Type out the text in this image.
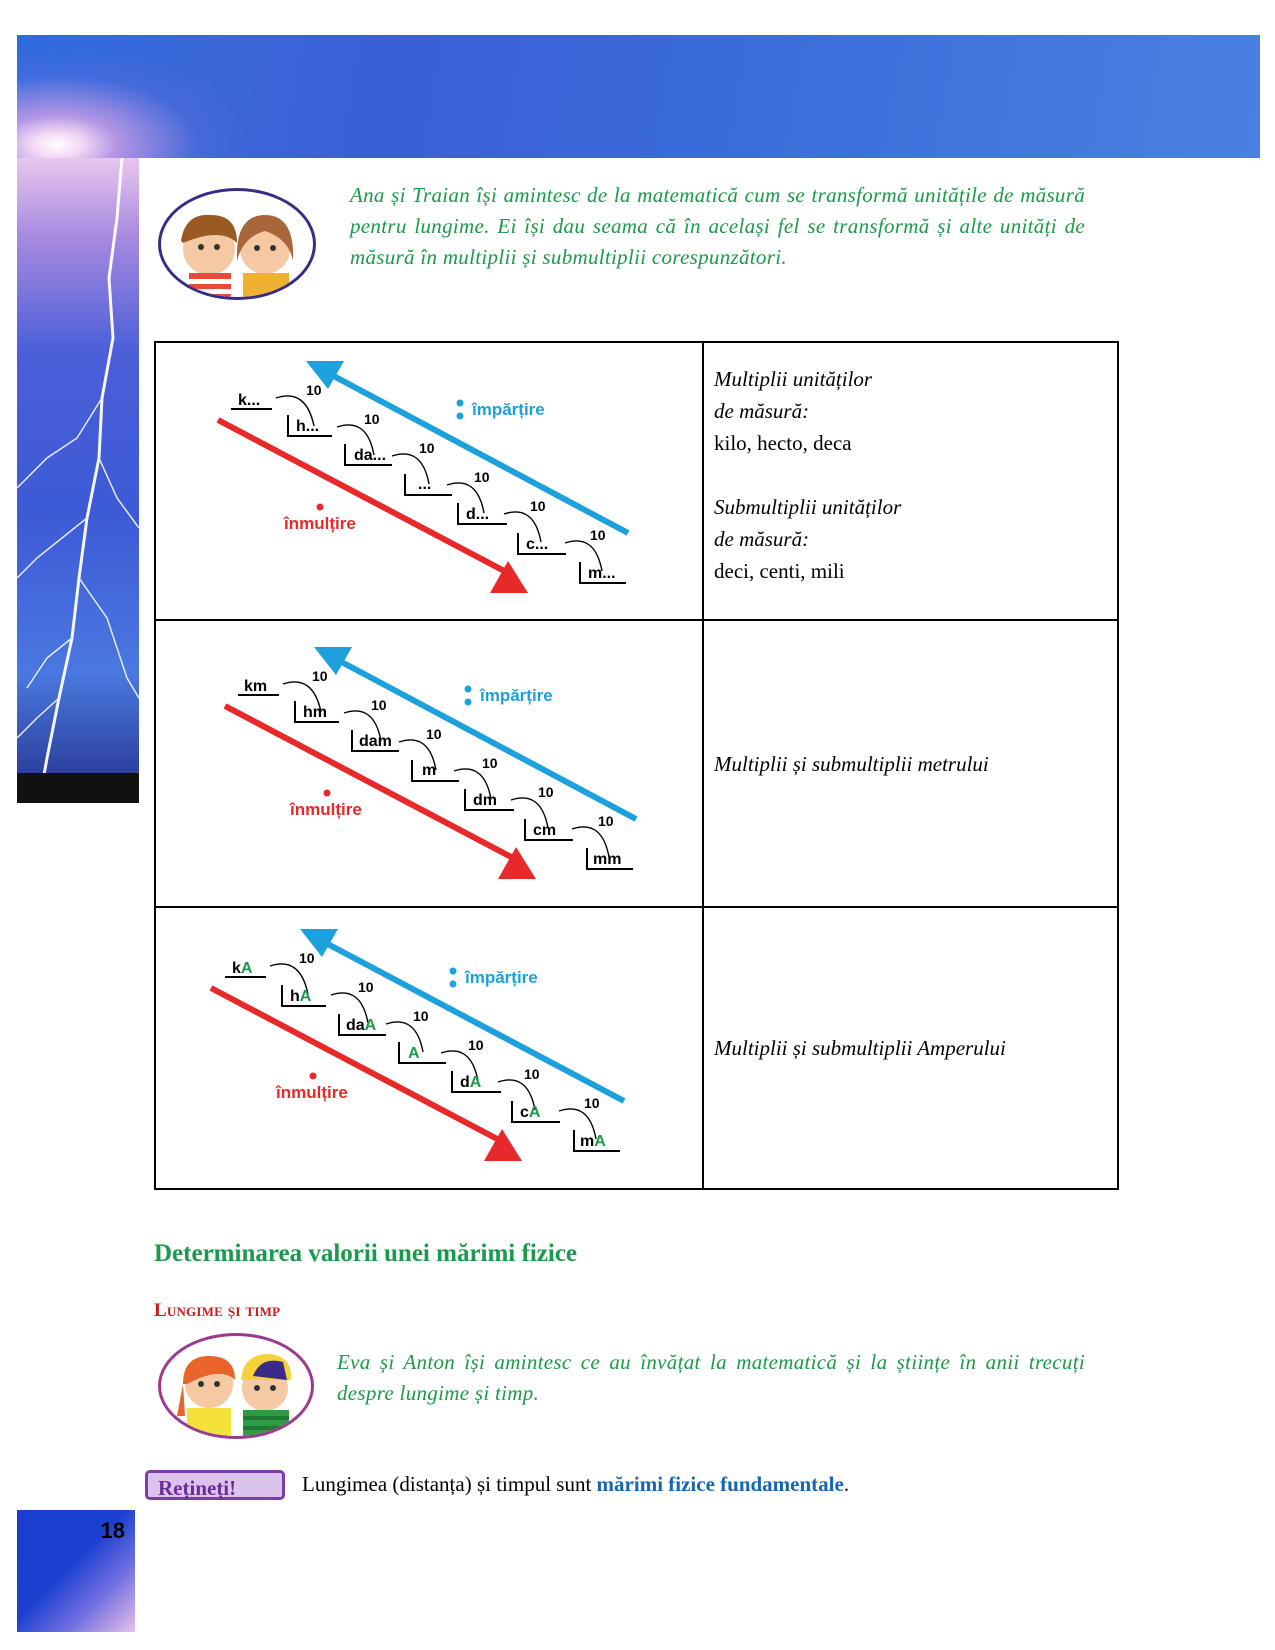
Ana și Traian își amintesc de la matematică cum se transformă unitățile de măsură pentru lungime. Ei își dau seama că în același fel se transformă și alte unități de măsură în multiplii și submultiplii corespunzători.
împărțire
înmulțire
k...
10
h...	10
da... 10
...	10
d...	10
c...
10
m...

Multiplii unităților
de măsură:
kilo, hecto, deca
Submultiplii unităților
de măsură:
deci, centi, mili

împărțire
înmulțire
km
10
hm	10
dam 10
m	10
dm	10
cm
10
mm

Multiplii și submultiplii metrului

împărțire
înmulțire
kA
10
hA
10
daA
10
A	10
dA	10
cA
10
mA

Multiplii și submultiplii Amperului
Determinarea valorii unei mărimi fizice
Lungime și timp
Eva și Anton își amintesc ce au învățat la matematică și la științe în anii trecuți despre lungime și timp.
Rețineți!	Lungimea (distanța) și timpul sunt mărimi fizice fundamentale.
18
